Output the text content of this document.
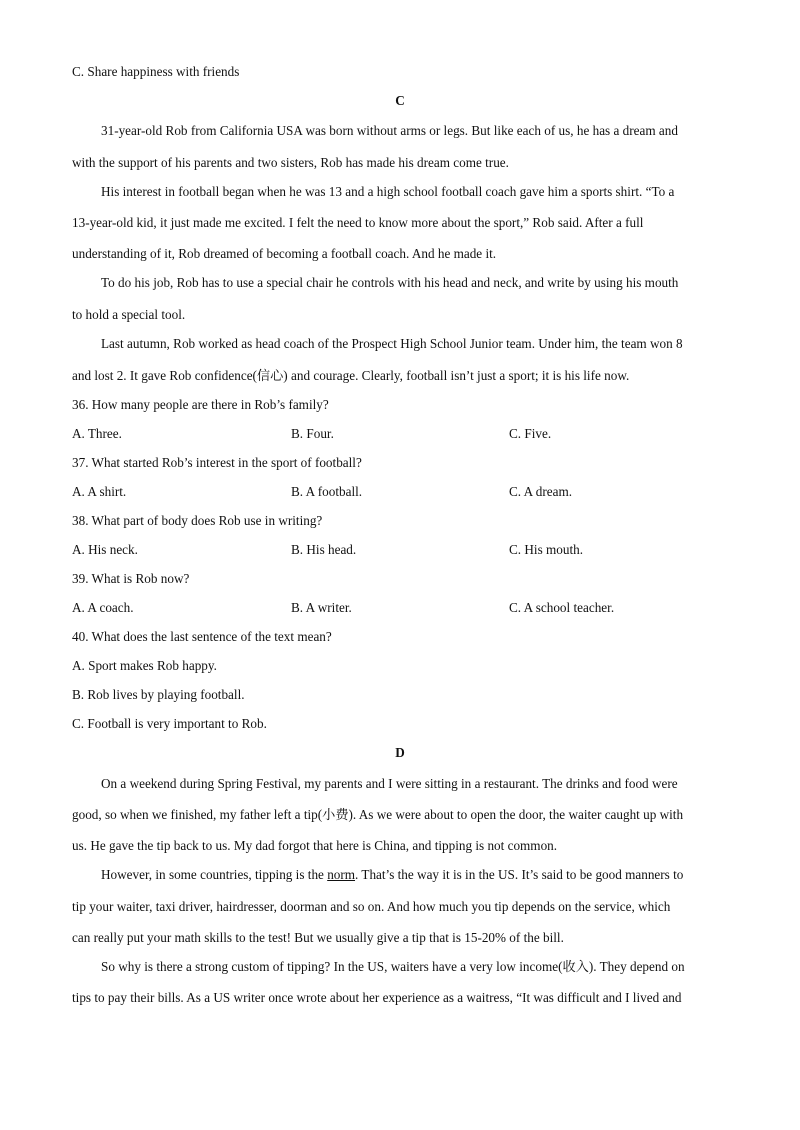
C. Share happiness with friends
C
31-year-old Rob from California USA was born without arms or legs. But like each of us, he has a dream and
with the support of his parents and two sisters, Rob has made his dream come true.
His interest in football began when he was 13 and a high school football coach gave him a sports shirt. “To a
13-year-old kid, it just made me excited. I felt the need to know more about the sport,” Rob said. After a full
understanding of it, Rob dreamed of becoming a football coach. And he made it.
To do his job, Rob has to use a special chair he controls with his head and neck, and write by using his mouth
to hold a special tool.
Last autumn, Rob worked as head coach of the Prospect High School Junior team. Under him, the team won 8
and lost 2. It gave Rob confidence(信心) and courage. Clearly, football isn’t just a sport; it is his life now.
36. How many people are there in Rob’s family?
A. Three.	B. Four.	C. Five.
37. What started Rob’s interest in the sport of football?
A. A shirt.	B. A football.	C. A dream.
38. What part of body does Rob use in writing?
A. His neck.	B. His head.	C. His mouth.
39. What is Rob now?
A. A coach.	B. A writer.	C. A school teacher.
40. What does the last sentence of the text mean?
A. Sport makes Rob happy.
B. Rob lives by playing football.
C. Football is very important to Rob.
D
On a weekend during Spring Festival, my parents and I were sitting in a restaurant. The drinks and food were
good, so when we finished, my father left a tip(小费). As we were about to open the door, the waiter caught up with
us. He gave the tip back to us. My dad forgot that here is China, and tipping is not common.
However, in some countries, tipping is the norm. That’s the way it is in the US. It’s said to be good manners to
tip your waiter, taxi driver, hairdresser, doorman and so on. And how much you tip depends on the service, which
can really put your math skills to the test! But we usually give a tip that is 15-20% of the bill.
So why is there a strong custom of tipping? In the US, waiters have a very low income(收入). They depend on
tips to pay their bills. As a US writer once wrote about her experience as a waitress, “It was difficult and I lived and
